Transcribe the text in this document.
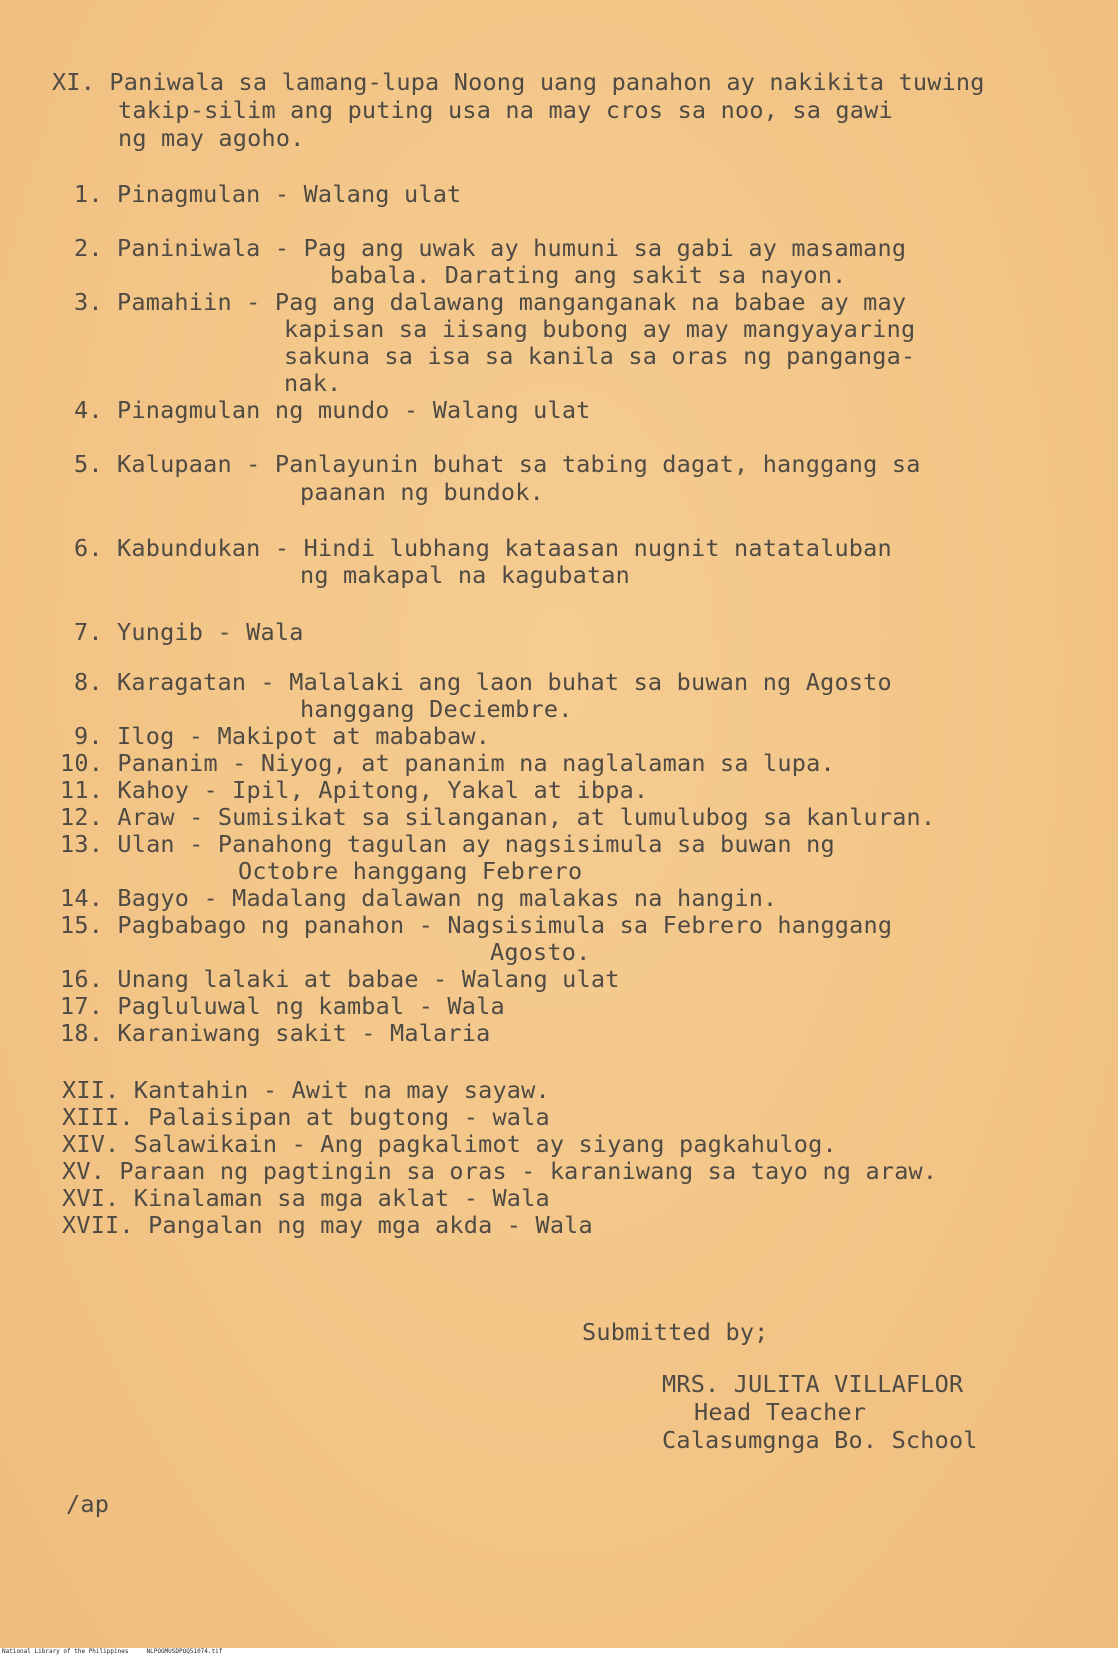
XI. Paniwala sa lamang-lupa Noong uang panahon ay nakikita tuwing
takip-silim ang puting usa na may cros sa noo, sa gawi
ng may agoho.
1. Pinagmulan - Walang ulat
2. Paniniwala - Pag ang uwak ay humuni sa gabi ay masamang
babala. Darating ang sakit sa nayon.
3. Pamahiin - Pag ang dalawang manganganak na babae ay may
kapisan sa iisang bubong ay may mangyayaring
sakuna sa isa sa kanila sa oras ng panganga-
nak.
4. Pinagmulan ng mundo - Walang ulat
5. Kalupaan - Panlayunin buhat sa tabing dagat, hanggang sa
paanan ng bundok.
6. Kabundukan - Hindi lubhang kataasan nugnit natataluban
ng makapal na kagubatan
7. Yungib - Wala
8. Karagatan - Malalaki ang laon buhat sa buwan ng Agosto
hanggang Deciembre.
9. Ilog - Makipot at mababaw.
10. Pananim - Niyog, at pananim na naglalaman sa lupa.
11. Kahoy - Ipil, Apitong, Yakal at ibpa.
12. Araw - Sumisikat sa silanganan, at lumulubog sa kanluran.
13. Ulan - Panahong tagulan ay nagsisimula sa buwan ng
Octobre hanggang Febrero
14. Bagyo - Madalang dalawan ng malakas na hangin.
15. Pagbabago ng panahon - Nagsisimula sa Febrero hanggang
Agosto.
16. Unang lalaki at babae - Walang ulat
17. Pagluluwal ng kambal - Wala
18. Karaniwang sakit - Malaria
XII. Kantahin - Awit na may sayaw.
XIII. Palaisipan at bugtong - wala
XIV. Salawikain - Ang pagkalimot ay siyang pagkahulog.
XV. Paraan ng pagtingin sa oras - karaniwang sa tayo ng araw.
XVI. Kinalaman sa mga aklat - Wala
XVII. Pangalan ng may mga akda - Wala
Submitted by;
MRS. JULITA VILLAFLOR
Head Teacher
Calasumgnga Bo. School
/ap
National Library of the Philippines     NLPOGMUSDPOQ51074.tif
